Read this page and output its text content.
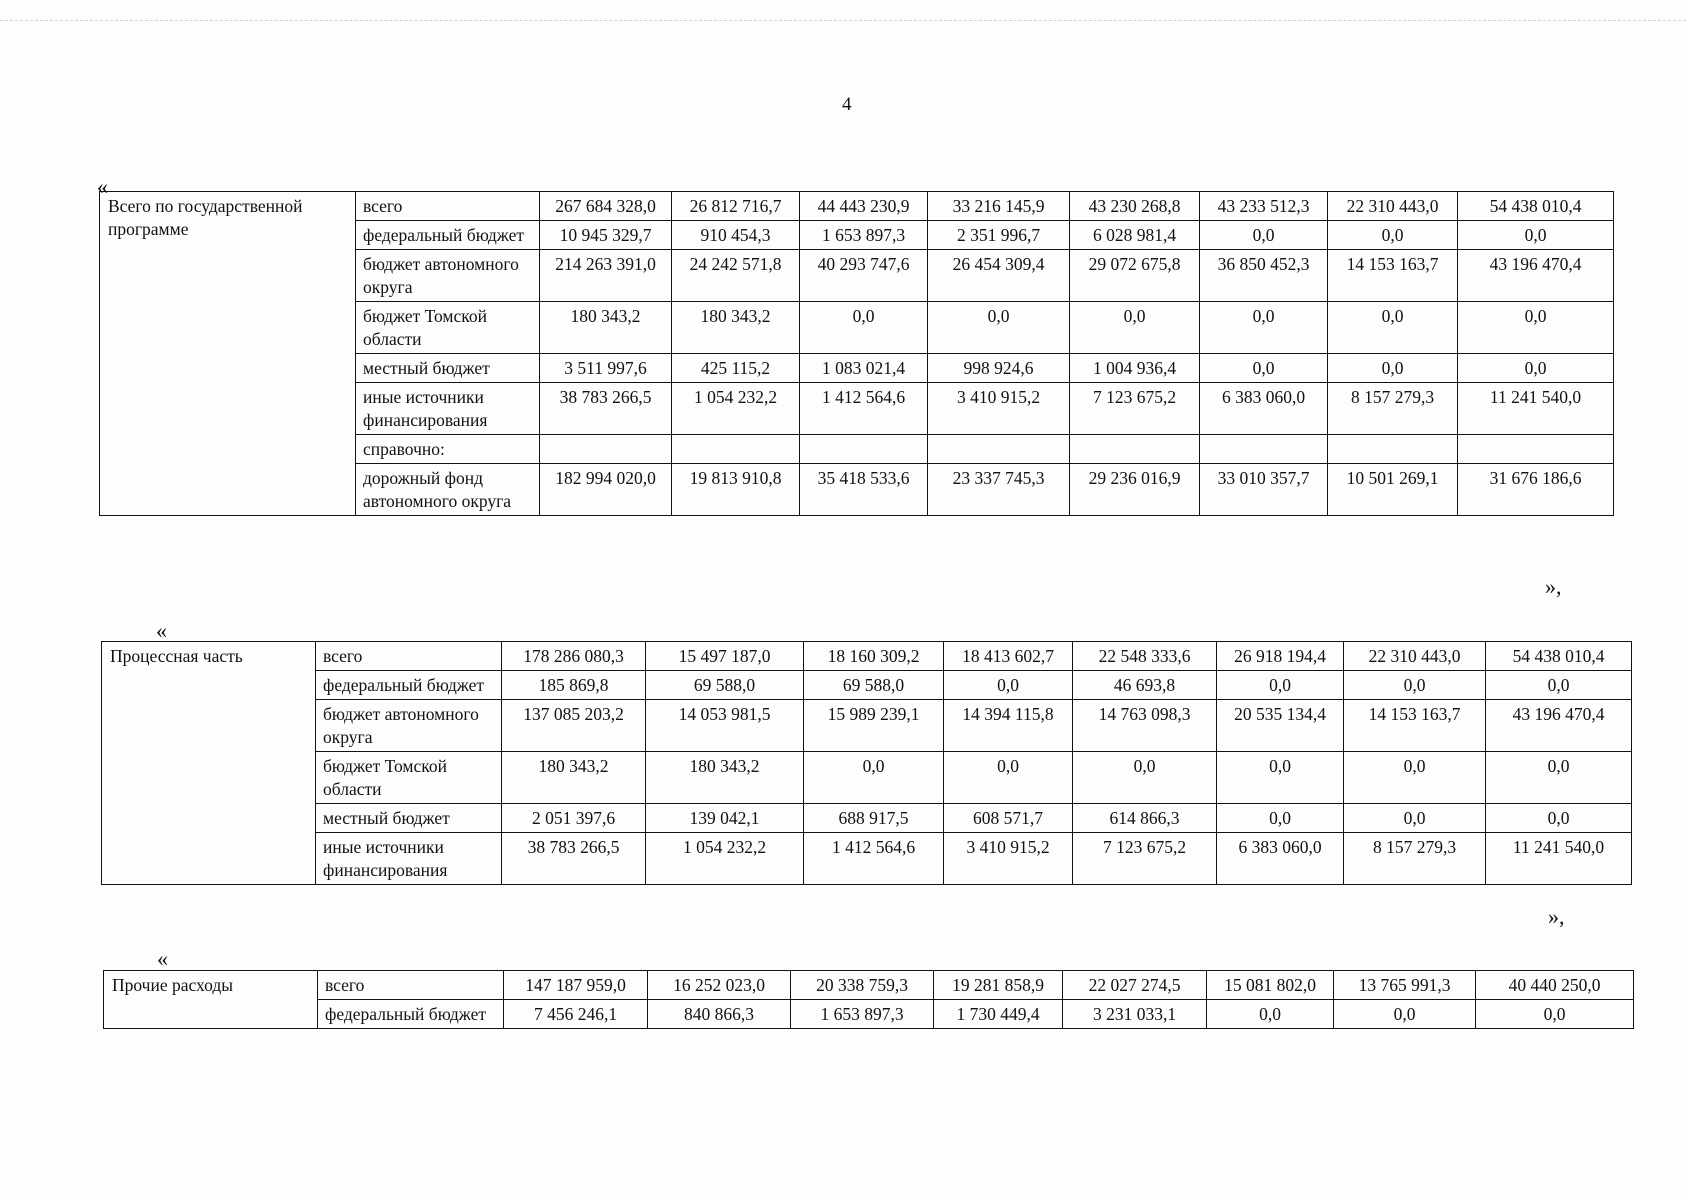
4
«
Всего по государственной программе	всего	267 684 328,0	26 812 716,7	44 443 230,9	33 216 145,9	43 230 268,8	43 233 512,3	22 310 443,0	54 438 010,4
	федеральный бюджет	10 945 329,7	910 454,3	1 653 897,3	2 351 996,7	6 028 981,4	0,0	0,0	0,0
	бюджет автономного округа	214 263 391,0	24 242 571,8	40 293 747,6	26 454 309,4	29 072 675,8	36 850 452,3	14 153 163,7	43 196 470,4
	бюджет Томской области	180 343,2	180 343,2	0,0	0,0	0,0	0,0	0,0	0,0
	местный бюджет	3 511 997,6	425 115,2	1 083 021,4	998 924,6	1 004 936,4	0,0	0,0	0,0
	иные источники финансирования	38 783 266,5	1 054 232,2	1 412 564,6	3 410 915,2	7 123 675,2	6 383 060,0	8 157 279,3	11 241 540,0
	справочно:								
	дорожный фонд автономного округа	182 994 020,0	19 813 910,8	35 418 533,6	23 337 745,3	29 236 016,9	33 010 357,7	10 501 269,1	31 676 186,6
»,
«
Процессная часть	всего	178 286 080,3	15 497 187,0	18 160 309,2	18 413 602,7	22 548 333,6	26 918 194,4	22 310 443,0	54 438 010,4
	федеральный бюджет	185 869,8	69 588,0	69 588,0	0,0	46 693,8	0,0	0,0	0,0
	бюджет автономного округа	137 085 203,2	14 053 981,5	15 989 239,1	14 394 115,8	14 763 098,3	20 535 134,4	14 153 163,7	43 196 470,4
	бюджет Томской области	180 343,2	180 343,2	0,0	0,0	0,0	0,0	0,0	0,0
	местный бюджет	2 051 397,6	139 042,1	688 917,5	608 571,7	614 866,3	0,0	0,0	0,0
	иные источники финансирования	38 783 266,5	1 054 232,2	1 412 564,6	3 410 915,2	7 123 675,2	6 383 060,0	8 157 279,3	11 241 540,0
»,
«
Прочие расходы	всего	147 187 959,0	16 252 023,0	20 338 759,3	19 281 858,9	22 027 274,5	15 081 802,0	13 765 991,3	40 440 250,0
	федеральный бюджет	7 456 246,1	840 866,3	1 653 897,3	1 730 449,4	3 231 033,1	0,0	0,0	0,0
